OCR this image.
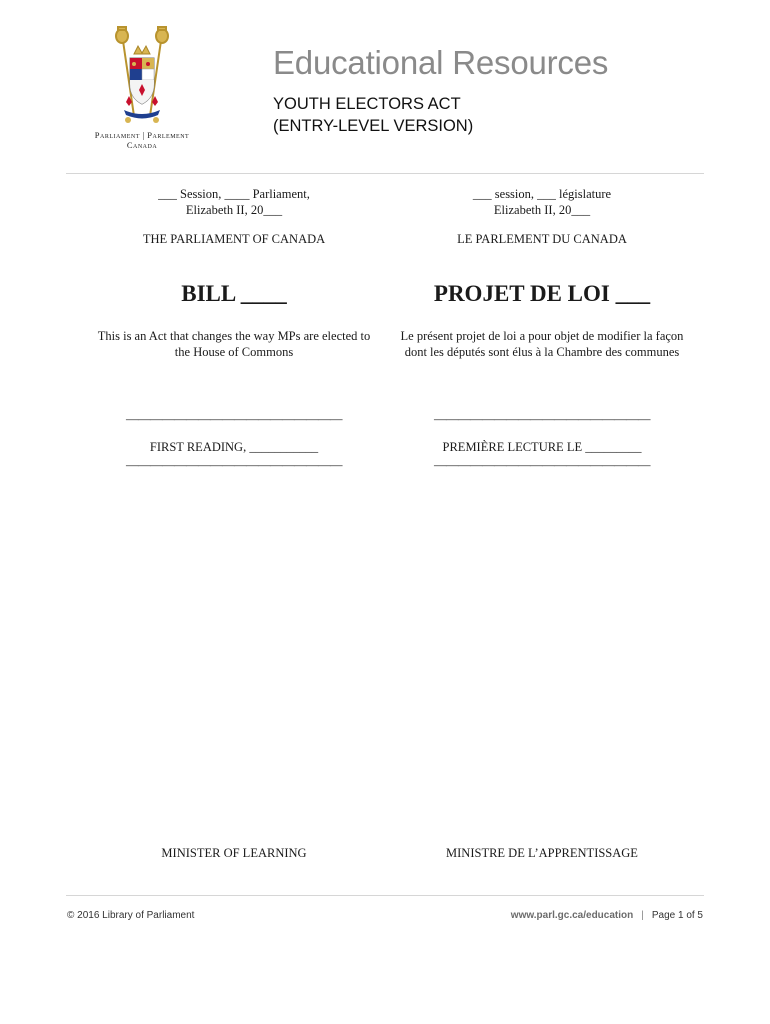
Parliament | Parlement
Canada
Educational Resources
YOUTH ELECTORS ACT
(ENTRY-LEVEL VERSION)
___ Session, ____ Parliament,
Elizabeth II, 20___
THE PARLIAMENT OF CANADA
BILL ____
This is an Act that changes the way MPs are elected to
the House of Commons
——————————————————
FIRST READING, ___________
——————————————————
MINISTER OF LEARNING
___ session, ___ législature
Elizabeth II, 20___
LE PARLEMENT DU CANADA
PROJET DE LOI ___
Le présent projet de loi a pour objet de modifier la façon
dont les députés sont élus à la Chambre des communes
——————————————————
PREMIÈRE LECTURE LE _________
——————————————————
MINISTRE DE L’APPRENTISSAGE
© 2016 Library of Parliament	www.parl.gc.ca/education | Page 1 of 5
